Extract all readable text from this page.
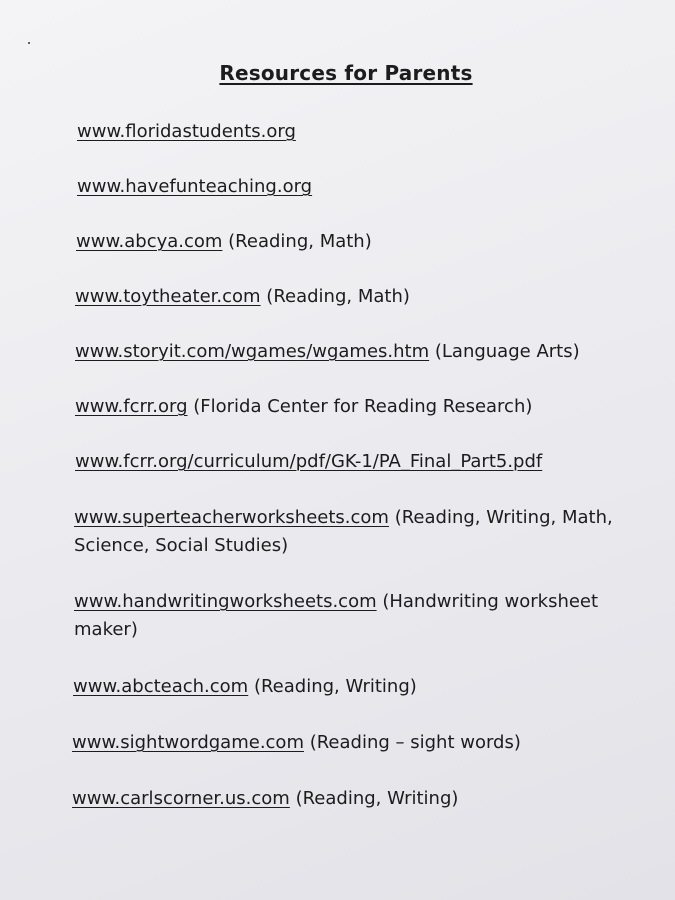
Resources for Parents
www.floridastudents.org
www.havefunteaching.org
www.abcya.com (Reading, Math)
www.toytheater.com (Reading, Math)
www.storyit.com/wgames/wgames.htm (Language Arts)
www.fcrr.org (Florida Center for Reading Research)
www.fcrr.org/curriculum/pdf/GK-1/PA_Final_Part5.pdf
www.superteacherworksheets.com (Reading, Writing, Math, Science, Social Studies)
www.handwritingworksheets.com (Handwriting worksheet maker)
www.abcteach.com (Reading, Writing)
www.sightwordgame.com (Reading – sight words)
www.carlscorner.us.com (Reading, Writing)
